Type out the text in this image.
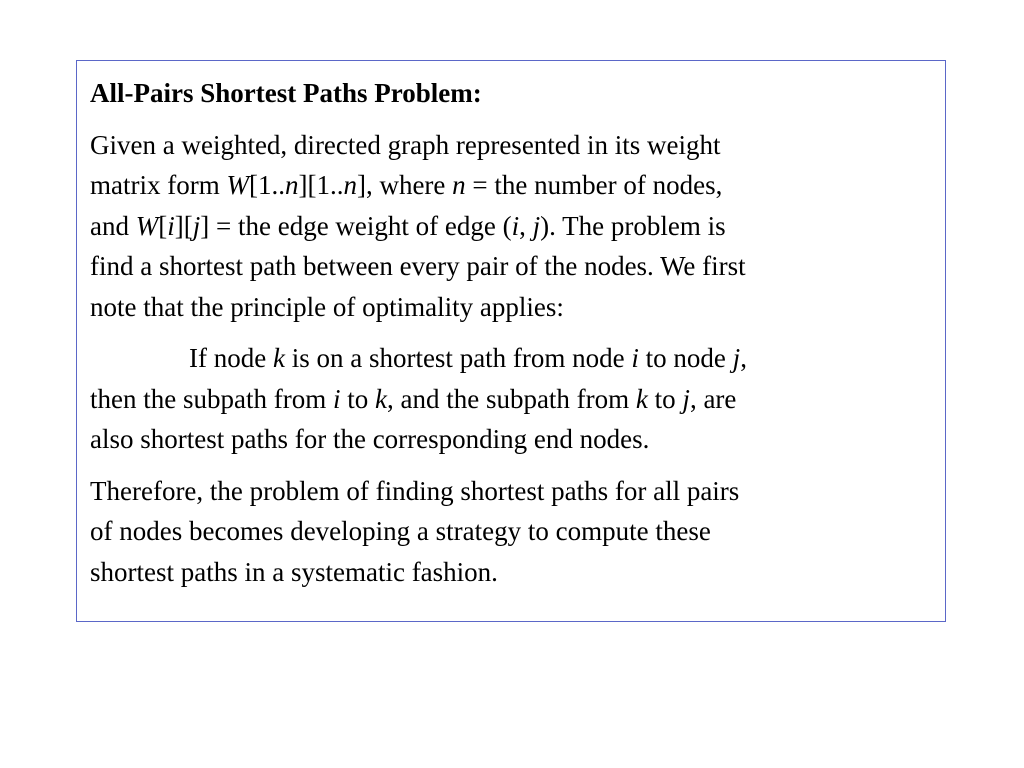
All-Pairs Shortest Paths Problem:
Given a weighted, directed graph represented in its weight
matrix form W[1..n][1..n], where n = the number of nodes,
and W[i][j] = the edge weight of edge (i, j). The problem is
find a shortest path between every pair of the nodes. We first
note that the principle of optimality applies:
If node k is on a shortest path from node i to node j,
then the subpath from i to k, and the subpath from k to j, are
also shortest paths for the corresponding end nodes.
Therefore, the problem of finding shortest paths for all pairs
of nodes becomes developing a strategy to compute these
shortest paths in a systematic fashion.
